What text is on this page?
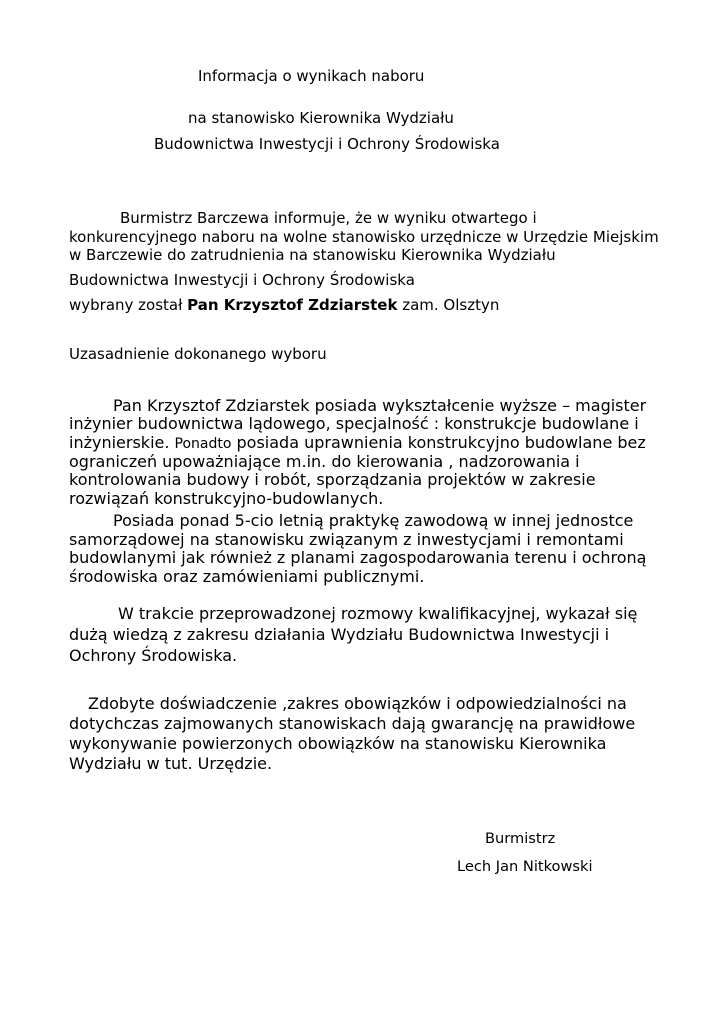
Informacja o wynikach naboru

na stanowisko Kierownika Wydziału

Budownictwa Inwestycji i Ochrony Środowiska

Burmistrz Barczewa informuje, że w wyniku otwartego i

konkurencyjnego naboru na wolne stanowisko urzędnicze w Urzędzie Miejskim

w Barczewie do zatrudnienia na stanowisku Kierownika Wydziału

Budownictwa Inwestycji i Ochrony Środowiska

wybrany został Pan Krzysztof Zdziarstek zam. Olsztyn

Uzasadnienie dokonanego wyboru

Pan Krzysztof Zdziarstek posiada wykształcenie wyższe – magister

inżynier budownictwa lądowego, specjalność : konstrukcje budowlane i

inżynierskie. Ponadto posiada uprawnienia konstrukcyjno budowlane bez

ograniczeń upoważniające m.in. do kierowania , nadzorowania i

kontrolowania budowy i robót, sporządzania projektów w zakresie

rozwiązań konstrukcyjno-budowlanych.

Posiada ponad 5-cio letnią praktykę zawodową w innej jednostce

samorządowej na stanowisku związanym z inwestycjami i remontami

budowlanymi jak również z planami zagospodarowania terenu i ochroną

środowiska oraz zamówieniami publicznymi.

W trakcie przeprowadzonej rozmowy kwalifikacyjnej, wykazał się

dużą wiedzą z zakresu działania Wydziału Budownictwa Inwestycji i

Ochrony Środowiska.

Zdobyte doświadczenie ,zakres obowiązków i odpowiedzialności na

dotychczas zajmowanych stanowiskach dają gwarancję na prawidłowe

wykonywanie powierzonych obowiązków na stanowisku Kierownika

Wydziału w tut. Urzędzie.

Burmistrz

Lech Jan Nitkowski
